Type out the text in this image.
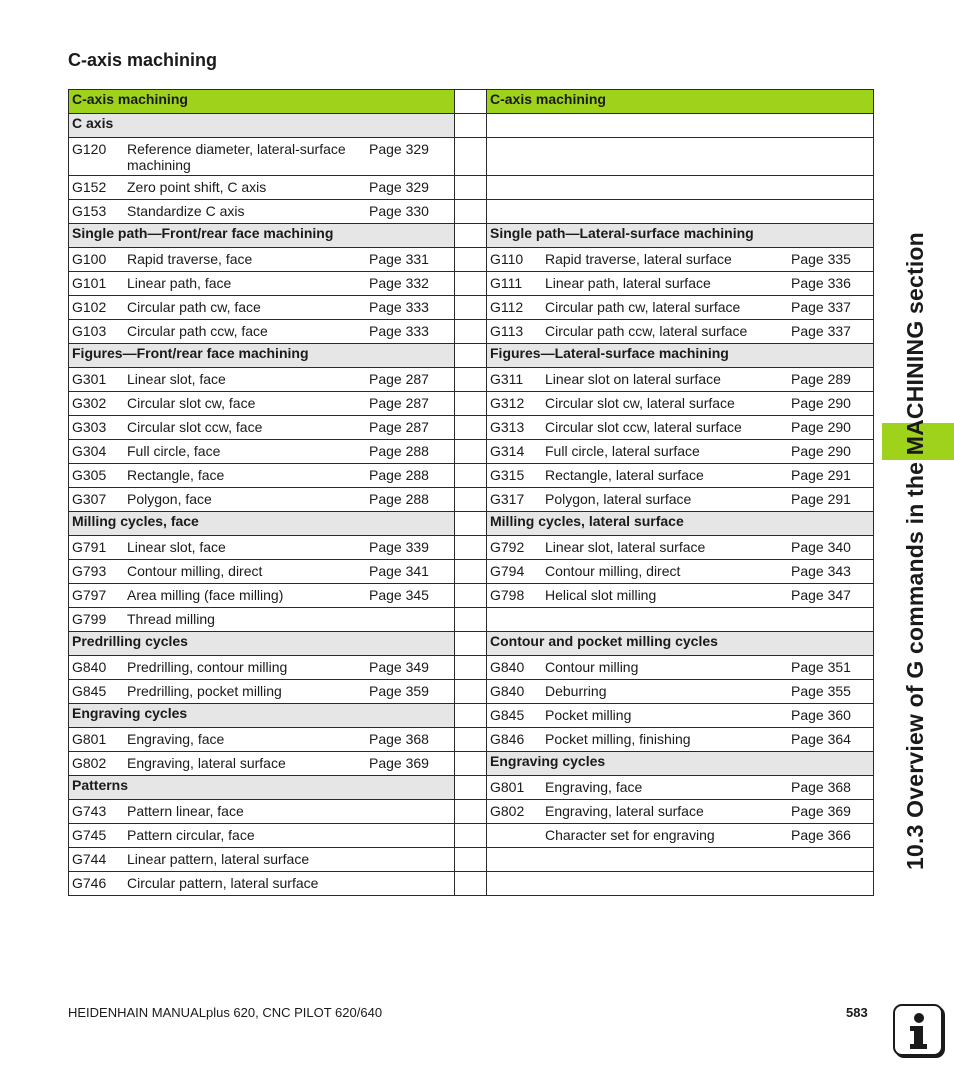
C-axis machining
C-axis machining		C-axis machining

C axis		

G120 Reference diameter, lateral-surface machining
Page 329		

G152 Zero point shift, C axis Page 329		

G153 Standardize C axis Page 330		

Single path—Front/rear face machining		Single path—Lateral-surface machining

G100 Rapid traverse, face Page 331		G110 Rapid traverse, lateral surface Page 335

G101 Linear path, face Page 332		G111 Linear path, lateral surface Page 336

G102 Circular path cw, face Page 333		G112 Circular path cw, lateral surface Page 337

G103 Circular path ccw, face Page 333		G113 Circular path ccw, lateral surface Page 337

Figures—Front/rear face machining		Figures—Lateral-surface machining

G301 Linear slot, face Page 287		G311 Linear slot on lateral surface Page 289

G302 Circular slot cw, face Page 287		G312 Circular slot cw, lateral surface Page 290

G303 Circular slot ccw, face Page 287		G313 Circular slot ccw, lateral surface Page 290

G304 Full circle, face Page 288		G314 Full circle, lateral surface Page 290

G305 Rectangle, face Page 288		G315 Rectangle, lateral surface Page 291

G307 Polygon, face Page 288		G317 Polygon, lateral surface Page 291

Milling cycles, face		Milling cycles, lateral surface

G791 Linear slot, face Page 339		G792 Linear slot, lateral surface Page 340

G793 Contour milling, direct Page 341		G794 Contour milling, direct Page 343

G797 Area milling (face milling) Page 345		G798 Helical slot milling Page 347

G799 Thread milling		

Predrilling cycles		Contour and pocket milling cycles

G840 Predrilling, contour milling Page 349		G840 Contour milling Page 351

G845 Predrilling, pocket milling Page 359		G840 Deburring Page 355

Engraving cycles		G845 Pocket milling Page 360

G801 Engraving, face Page 368		G846 Pocket milling, finishing Page 364

G802 Engraving, lateral surface Page 369		Engraving cycles

Patterns		G801 Engraving, face Page 368

G743 Pattern linear, face		G802 Engraving, lateral surface Page 369

G745 Pattern circular, face		Character set for engraving Page 366

G744 Linear pattern, lateral surface		

G746 Circular pattern, lateral surface		

10.3 Overview of G commands in the MACHINING section
HEIDENHAIN MANUALplus 620, CNC PILOT 620/640	583
